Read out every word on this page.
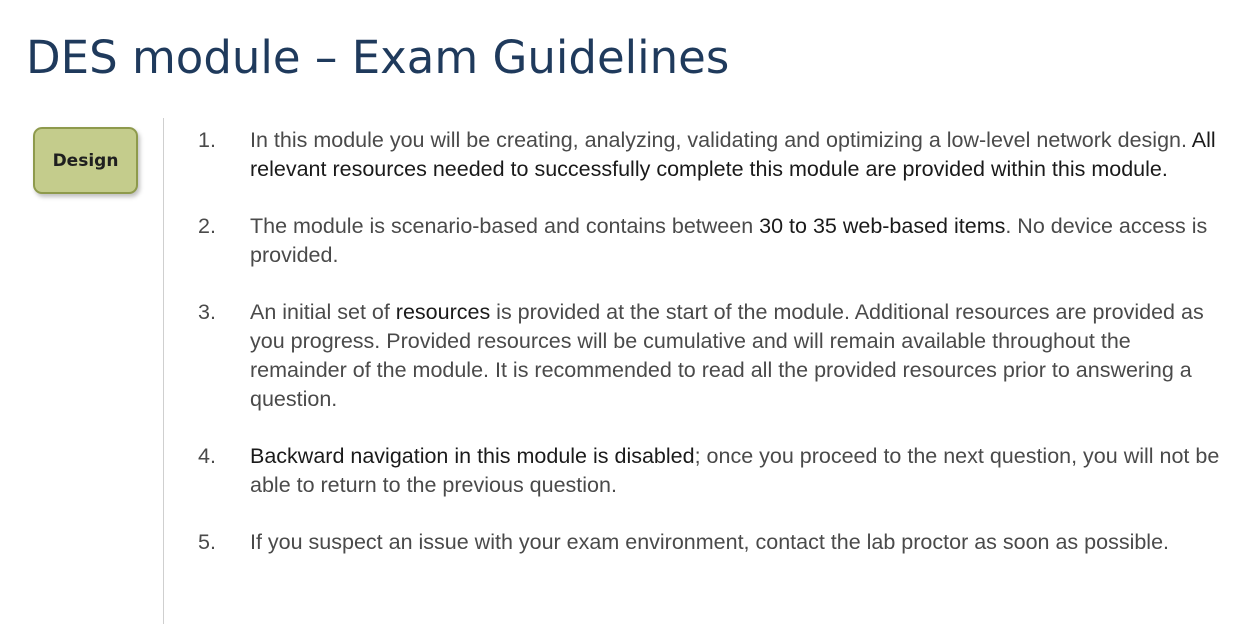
DES module – Exam Guidelines
Design
1.	In this module you will be creating, analyzing, validating and optimizing a low-level network design. All relevant resources needed to successfully complete this module are provided within this module.
2.	The module is scenario-based and contains between 30 to 35 web-based items. No device access is provided.
3.	An initial set of resources is provided at the start of the module. Additional resources are provided as you progress. Provided resources will be cumulative and will remain available throughout the remainder of the module. It is recommended to read all the provided resources prior to answering a question.
4.	Backward navigation in this module is disabled; once you proceed to the next question, you will not be able to return to the previous question.
5.	If you suspect an issue with your exam environment, contact the lab proctor as soon as possible.
